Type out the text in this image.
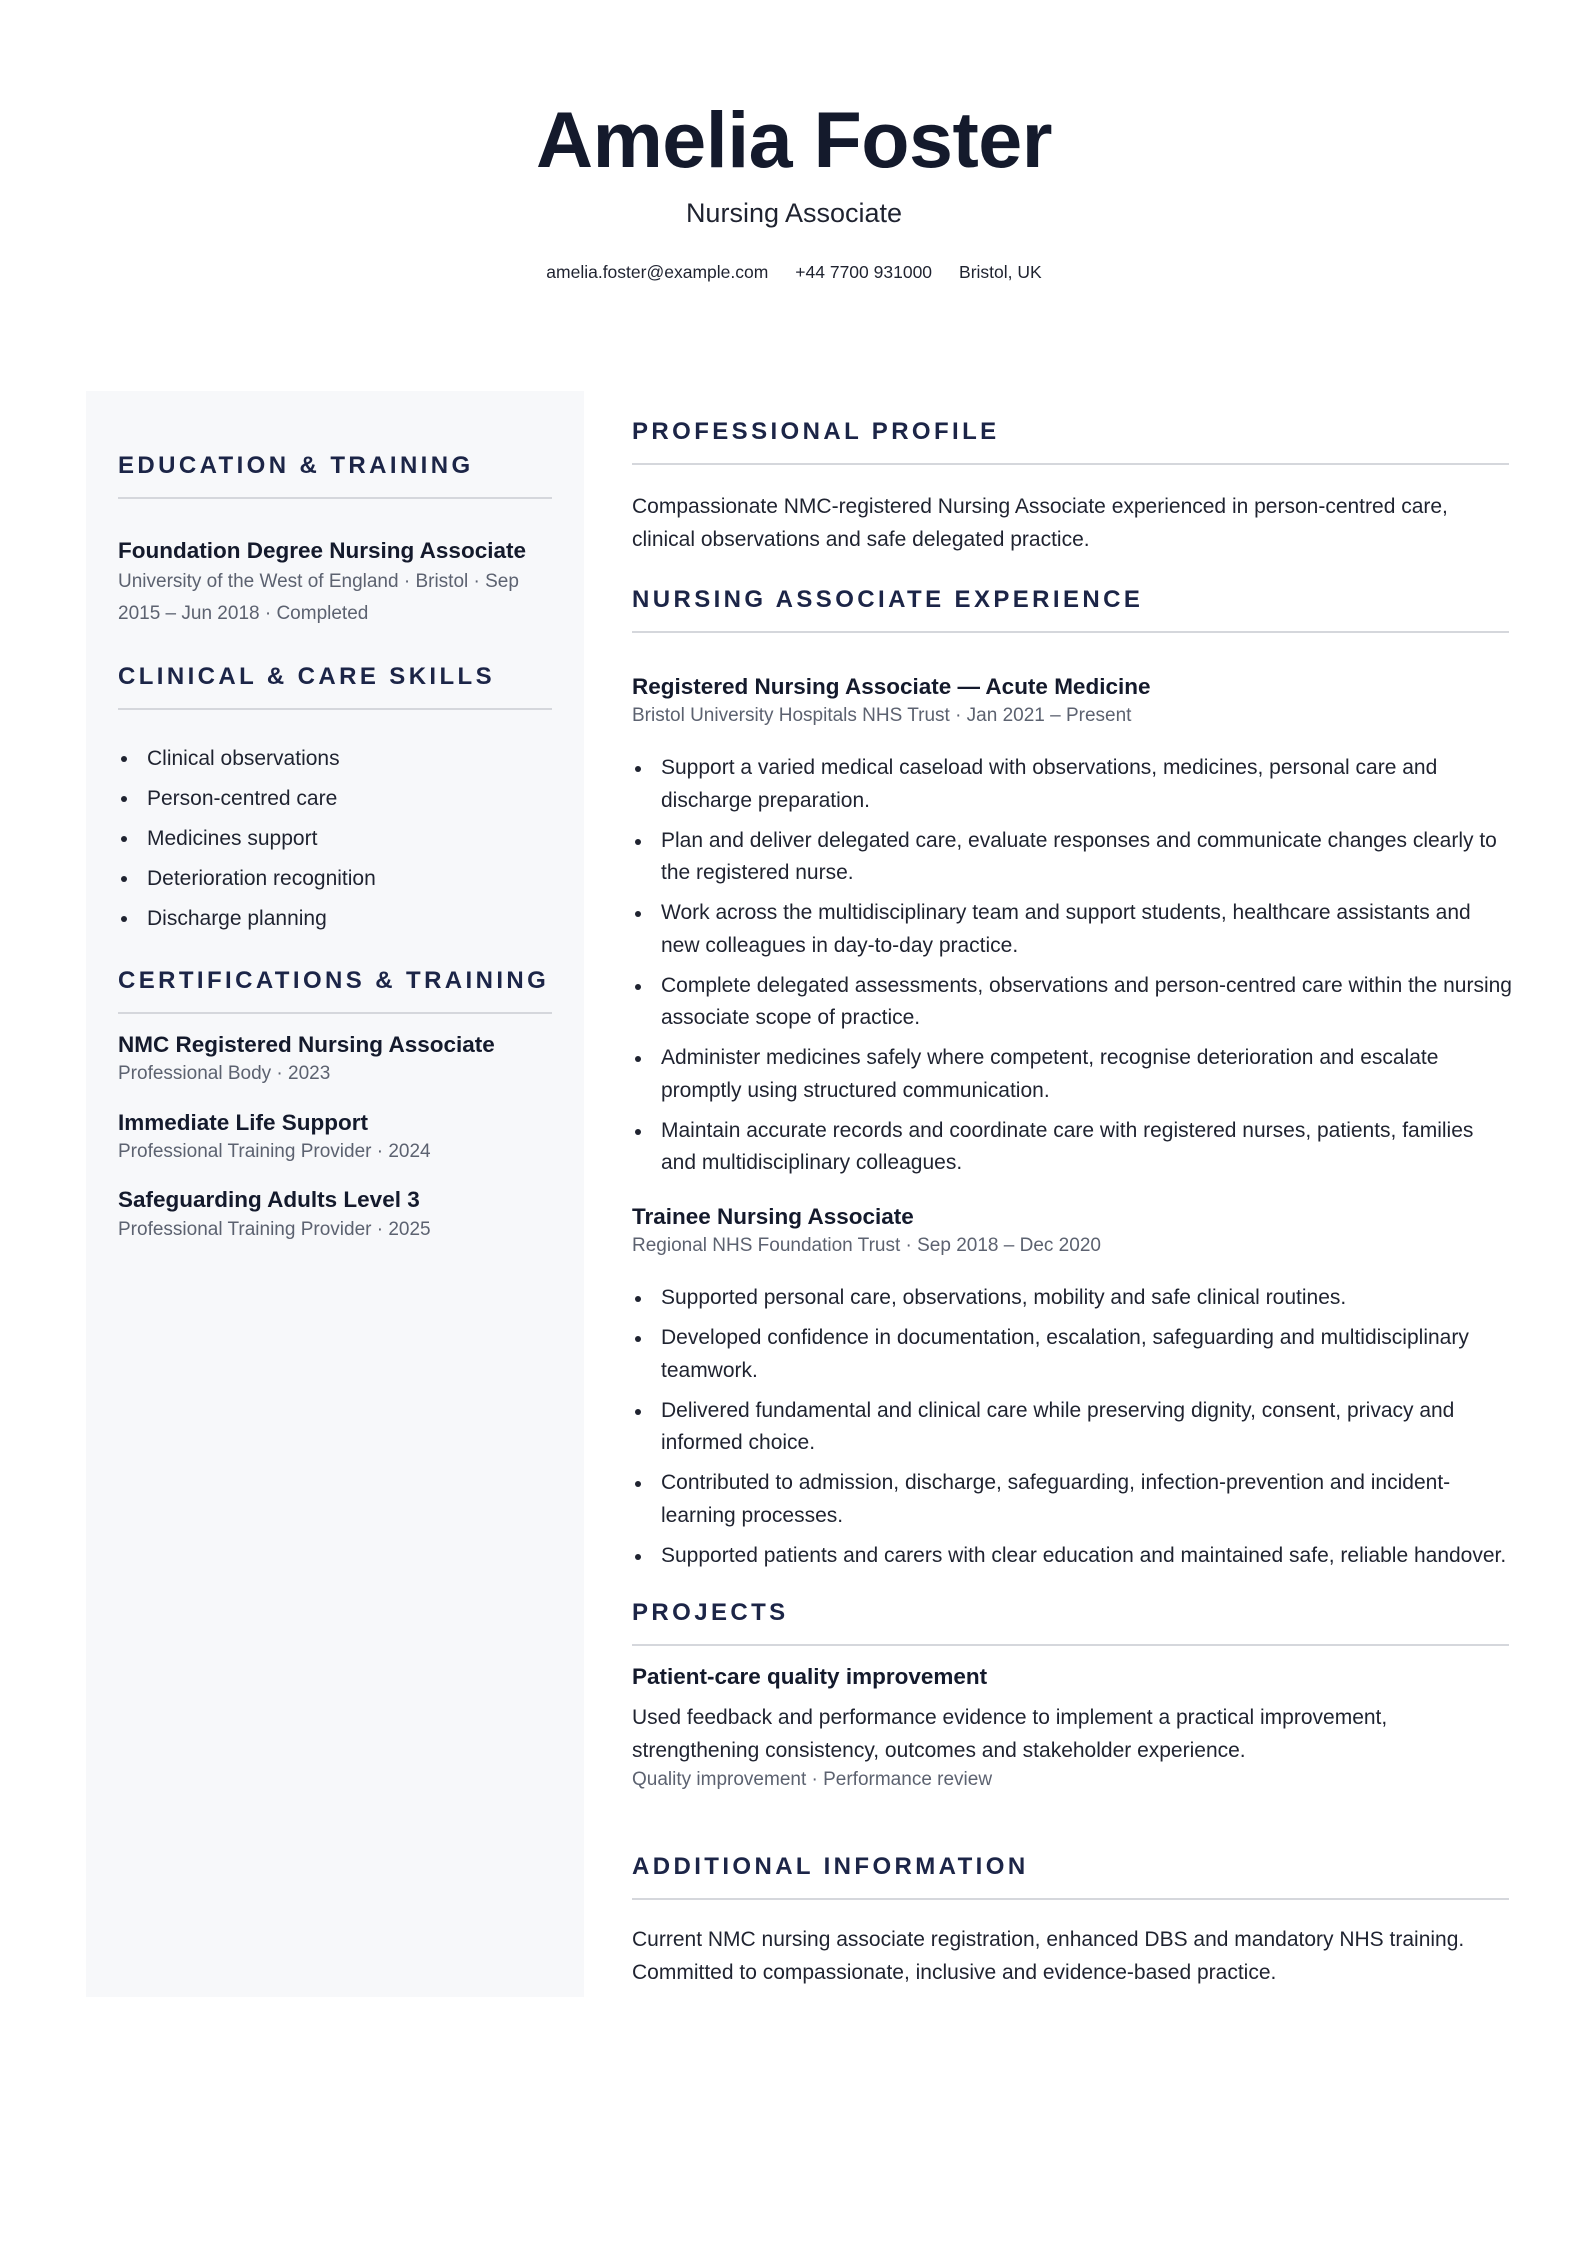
Amelia Foster
Nursing Associate
amelia.foster@example.com +44 7700 931000 Bristol, UK
EDUCATION & TRAINING
Foundation Degree Nursing Associate
University of the West of England · Bristol · Sep 2015 – Jun 2018 · Completed
CLINICAL & CARE SKILLS
Clinical observations
Person-centred care
Medicines support
Deterioration recognition
Discharge planning
CERTIFICATIONS & TRAINING
NMC Registered Nursing Associate
Professional Body · 2023
Immediate Life Support
Professional Training Provider · 2024
Safeguarding Adults Level 3
Professional Training Provider · 2025
PROFESSIONAL PROFILE
Compassionate NMC-registered Nursing Associate experienced in person-centred care, clinical observations and safe delegated practice.
NURSING ASSOCIATE EXPERIENCE
Registered Nursing Associate — Acute Medicine
Bristol University Hospitals NHS Trust · Jan 2021 – Present
Support a varied medical caseload with observations, medicines, personal care and discharge preparation.
Plan and deliver delegated care, evaluate responses and communicate changes clearly to the registered nurse.
Work across the multidisciplinary team and support students, healthcare assistants and new colleagues in day-to-day practice.
Complete delegated assessments, observations and person-centred care within the nursing associate scope of practice.
Administer medicines safely where competent, recognise deterioration and escalate promptly using structured communication.
Maintain accurate records and coordinate care with registered nurses, patients, families and multidisciplinary colleagues.
Trainee Nursing Associate
Regional NHS Foundation Trust · Sep 2018 – Dec 2020
Supported personal care, observations, mobility and safe clinical routines.
Developed confidence in documentation, escalation, safeguarding and multidisciplinary teamwork.
Delivered fundamental and clinical care while preserving dignity, consent, privacy and informed choice.
Contributed to admission, discharge, safeguarding, infection-prevention and incident-learning processes.
Supported patients and carers with clear education and maintained safe, reliable handover.
PROJECTS
Patient-care quality improvement
Used feedback and performance evidence to implement a practical improvement, strengthening consistency, outcomes and stakeholder experience.
Quality improvement · Performance review
ADDITIONAL INFORMATION
Current NMC nursing associate registration, enhanced DBS and mandatory NHS training. Committed to compassionate, inclusive and evidence-based practice.
